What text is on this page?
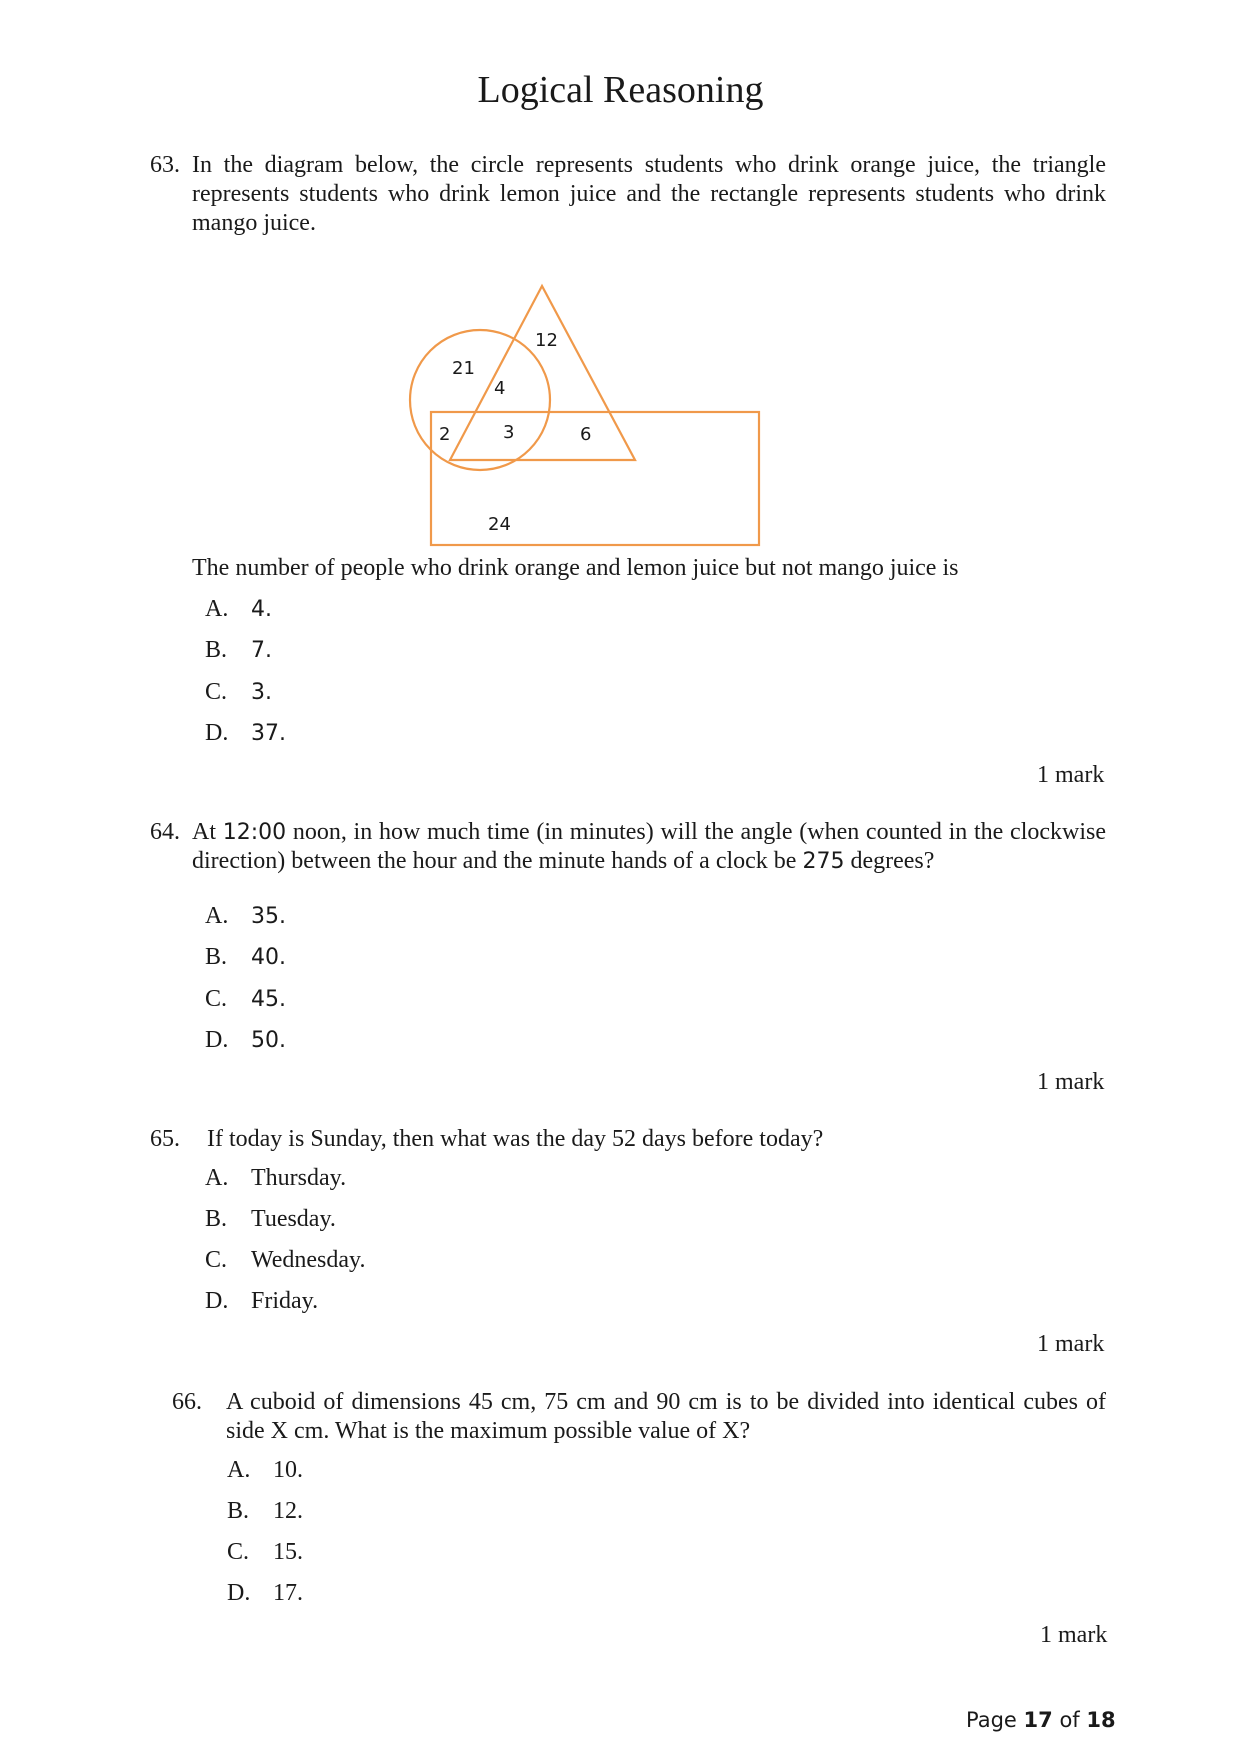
Logical Reasoning
63. In the diagram below, the circle represents students who drink orange juice, the triangle represents students who drink lemon juice and the rectangle represents students who drink mango juice.
21
12
4
2	3	6
24
The number of people who drink orange and lemon juice but not mango juice is
A. 4.
B. 7.
C. 3.
D. 37.
1 mark
64. At 12:00 noon, in how much time (in minutes) will the angle (when counted in the clockwise direction) between the hour and the minute hands of a clock be 275 degrees?
A. 35.
B. 40.
C. 45.
D. 50.
1 mark
65. If today is Sunday, then what was the day 52 days before today?
A. Thursday.
B. Tuesday.
C. Wednesday.
D. Friday.
1 mark
66. A cuboid of dimensions 45 cm, 75 cm and 90 cm is to be divided into identical cubes of side X cm. What is the maximum possible value of X?
A. 10.
B. 12.
C. 15.
D. 17.
1 mark
Page 17 of 18
